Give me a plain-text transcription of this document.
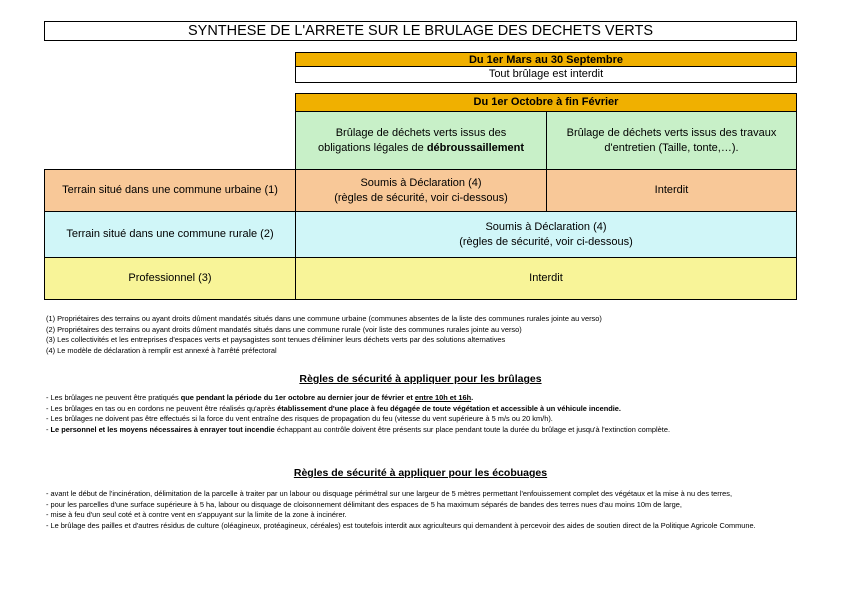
SYNTHESE DE L'ARRETE SUR LE BRULAGE DES DECHETS VERTS
Du 1er Mars au 30 Septembre
Tout brûlage est interdit
Du 1er Octobre à fin Février
Brûlage de déchets verts issus des
obligations légales de débroussaillement
Brûlage de déchets verts issus des travaux d'entretien (Taille, tonte,…).
Terrain situé dans une commune urbaine (1)
Soumis à Déclaration (4)
(règles de sécurité, voir ci-dessous)
Interdit
Terrain situé dans une commune rurale (2)
Soumis à Déclaration (4)
(règles de sécurité, voir ci-dessous)
Professionnel (3)	Interdit
(1) Propriétaires des terrains ou ayant droits dûment mandatés situés dans une commune urbaine (communes absentes de la liste des communes rurales jointe au verso)
(2) Propriétaires des terrains ou ayant droits dûment mandatés situés dans une commune rurale (voir liste des communes rurales jointe au verso)
(3) Les collectivités et les entreprises d'espaces verts et paysagistes sont tenues d'éliminer leurs déchets verts par des solutions alternatives
(4) Le modèle de déclaration à remplir est annexé à l'arrêté préfectoral
Règles de sécurité à appliquer pour les brûlages

- Les brûlages ne peuvent être pratiqués que pendant la période du 1er octobre au dernier jour de février et entre 10h et 16h.

- Les brûlages en tas ou en cordons ne peuvent être réalisés qu'après établissement d'une place à feu dégagée de toute végétation et accessible à un véhicule incendie.

- Les brûlages ne doivent pas être effectués si la force du vent entraîne des risques de propagation du feu (vitesse du vent supérieure à 5 m/s ou 20 km/h).

- Le personnel et les moyens nécessaires à enrayer tout incendie échappant au contrôle doivent être présents sur place pendant toute la durée du brûlage et jusqu'à l'extinction complète.

Règles de sécurité à appliquer pour les écobuages

- avant le début de l'incinération, délimitation de la parcelle à traiter par un labour ou disquage périmétral sur une largeur de 5 mètres permettant l'enfouissement complet des végétaux et la mise à nu des terres,

- pour les parcelles d'une surface supérieure à 5 ha, labour ou disquage de cloisonnement délimitant des espaces de 5 ha maximum séparés de bandes des terres nues d'au moins 10m de large,

- mise à feu d'un seul coté et à contre vent en s'appuyant sur la limite de la zone à incinérer.

- Le brûlage des pailles et d'autres résidus de culture (oléagineux, protéagineux, céréales) est toutefois interdit aux agriculteurs qui demandent à percevoir des aides de soutien direct de la Politique Agricole Commune.
